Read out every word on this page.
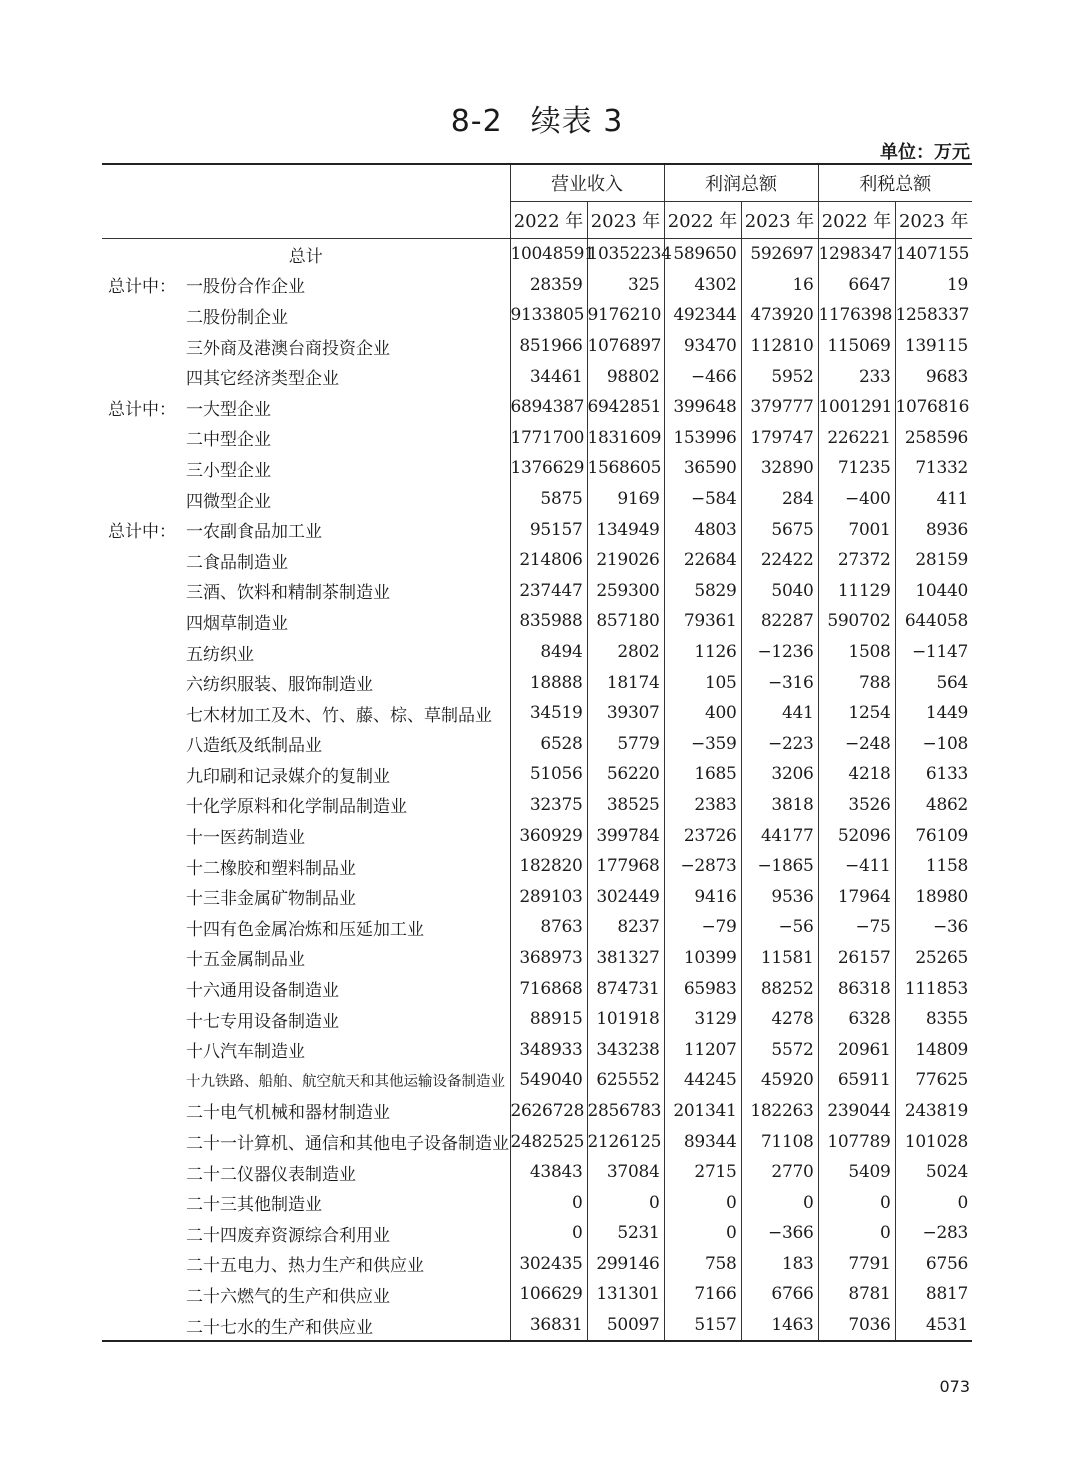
8-2 续表 3
单位：万元
	营业收入		利润总额		利税总额	
	2022 年	2023 年	2022 年	2023 年	2022 年	2023 年

总计	10048591	10352234	589650	592697	1298347	1407155
总计中： 一股份合作企业	28359	325	4302	16	6647	19
二股份制企业	9133805	9176210	492344	473920	1176398	1258337
三外商及港澳台商投资企业	851966	1076897	93470	112810	115069	139115
四其它经济类型企业	34461	98802	−466	5952	233	9683
总计中： 一大型企业	6894387	6942851	399648	379777	1001291	1076816
二中型企业	1771700	1831609	153996	179747	226221	258596
三小型企业	1376629	1568605	36590	32890	71235	71332
四微型企业	5875	9169	−584	284	−400	411
总计中： 一农副食品加工业	95157	134949	4803	5675	7001	8936
二食品制造业	214806	219026	22684	22422	27372	28159
三酒、饮料和精制茶制造业	237447	259300	5829	5040	11129	10440
四烟草制造业	835988	857180	79361	82287	590702	644058
五纺织业	8494	2802	1126	−1236	1508	−1147
六纺织服装、服饰制造业	18888	18174	105	−316	788	564
七木材加工及木、竹、藤、棕、草制品业	34519	39307	400	441	1254	1449
八造纸及纸制品业	6528	5779	−359	−223	−248	−108
九印刷和记录媒介的复制业	51056	56220	1685	3206	4218	6133
十化学原料和化学制品制造业	32375	38525	2383	3818	3526	4862
十一医药制造业	360929	399784	23726	44177	52096	76109
十二橡胶和塑料制品业	182820	177968	−2873	−1865	−411	1158
十三非金属矿物制品业	289103	302449	9416	9536	17964	18980
十四有色金属冶炼和压延加工业	8763	8237	−79	−56	−75	−36
十五金属制品业	368973	381327	10399	11581	26157	25265
十六通用设备制造业	716868	874731	65983	88252	86318	111853
十七专用设备制造业	88915	101918	3129	4278	6328	8355
十八汽车制造业	348933	343238	11207	5572	20961	14809
十九铁路、船舶、航空航天和其他运输设备制造业	549040	625552	44245	45920	65911	77625
二十电气机械和器材制造业	2626728	2856783	201341	182263	239044	243819
二十一计算机、通信和其他电子设备制造业	2482525	2126125	89344	71108	107789	101028
二十二仪器仪表制造业	43843	37084	2715	2770	5409	5024
二十三其他制造业	0	0	0	0	0	0
二十四废弃资源综合利用业	0	5231	0	−366	0	−283
二十五电力、热力生产和供应业	302435	299146	758	183	7791	6756
二十六燃气的生产和供应业	106629	131301	7166	6766	8781	8817
二十七水的生产和供应业	36831	50097	5157	1463	7036	4531
073
